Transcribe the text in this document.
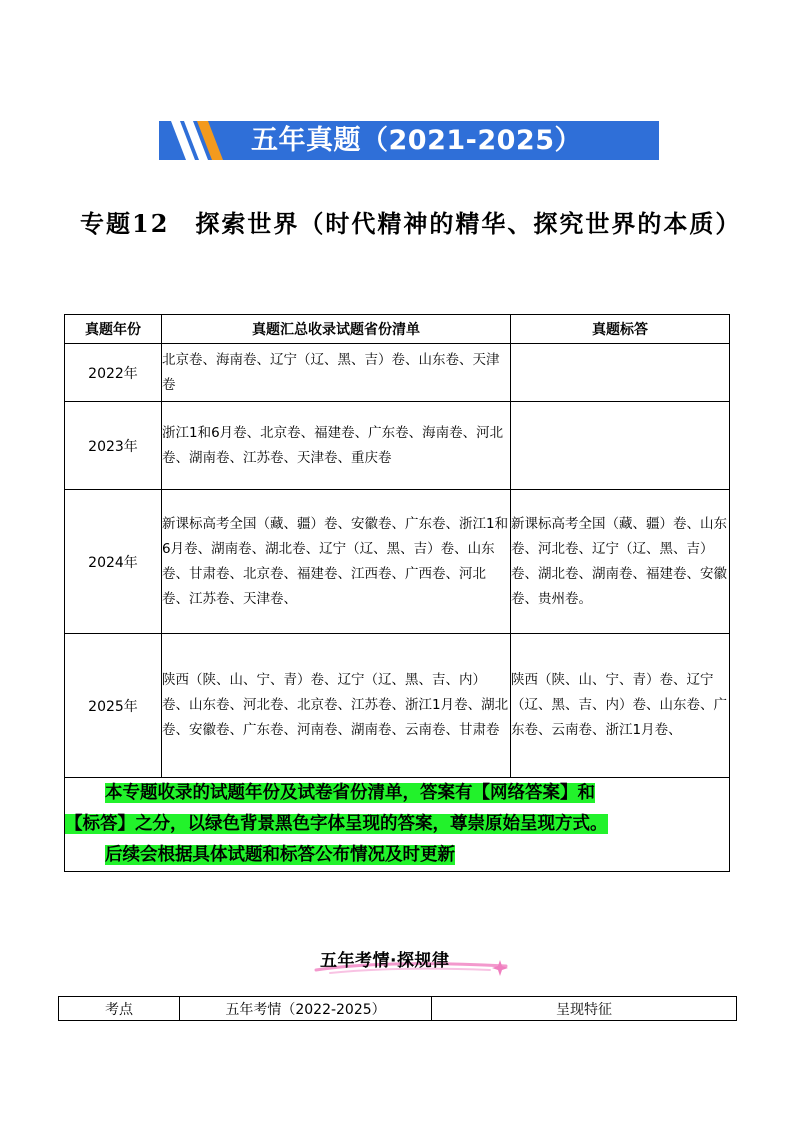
五年真题（2021-2025）
专题12　探索世界（时代精神的精华、探究世界的本质）
真题年份	真题汇总收录试题省份清单	真题标答
2022年	北京卷、海南卷、辽宁（辽、黑、吉）卷、山东卷、天津卷	
2023年	浙江1和6月卷、北京卷、福建卷、广东卷、海南卷、河北卷、湖南卷、江苏卷、天津卷、重庆卷	
2024年	新课标高考全国（藏、疆）卷、安徽卷、广东卷、浙江1和6月卷、湖南卷、湖北卷、辽宁（辽、黑、吉）卷、山东卷、甘肃卷、北京卷、福建卷、江西卷、广西卷、河北卷、江苏卷、天津卷、	新课标高考全国（藏、疆）卷、山东卷、河北卷、辽宁（辽、黑、吉）卷、湖北卷、湖南卷、福建卷、安徽卷、贵州卷。
2025年	陕西（陕、山、宁、青）卷、辽宁（辽、黑、吉、内）卷、山东卷、河北卷、北京卷、江苏卷、浙江1月卷、湖北卷、安徽卷、广东卷、河南卷、湖南卷、云南卷、甘肃卷	陕西（陕、山、宁、青）卷、辽宁（辽、黑、吉、内）卷、山东卷、广东卷、云南卷、浙江1月卷、

本专题收录的试题年份及试卷省份清单，答案有【网络答案】和
【标答】之分，以绿色背景黑色字体呈现的答案，尊崇原始呈现方式。
后续会根据具体试题和标答公布情况及时更新		
五年考情·探规律
考点	五年考情（2022-2025）	呈现特征
